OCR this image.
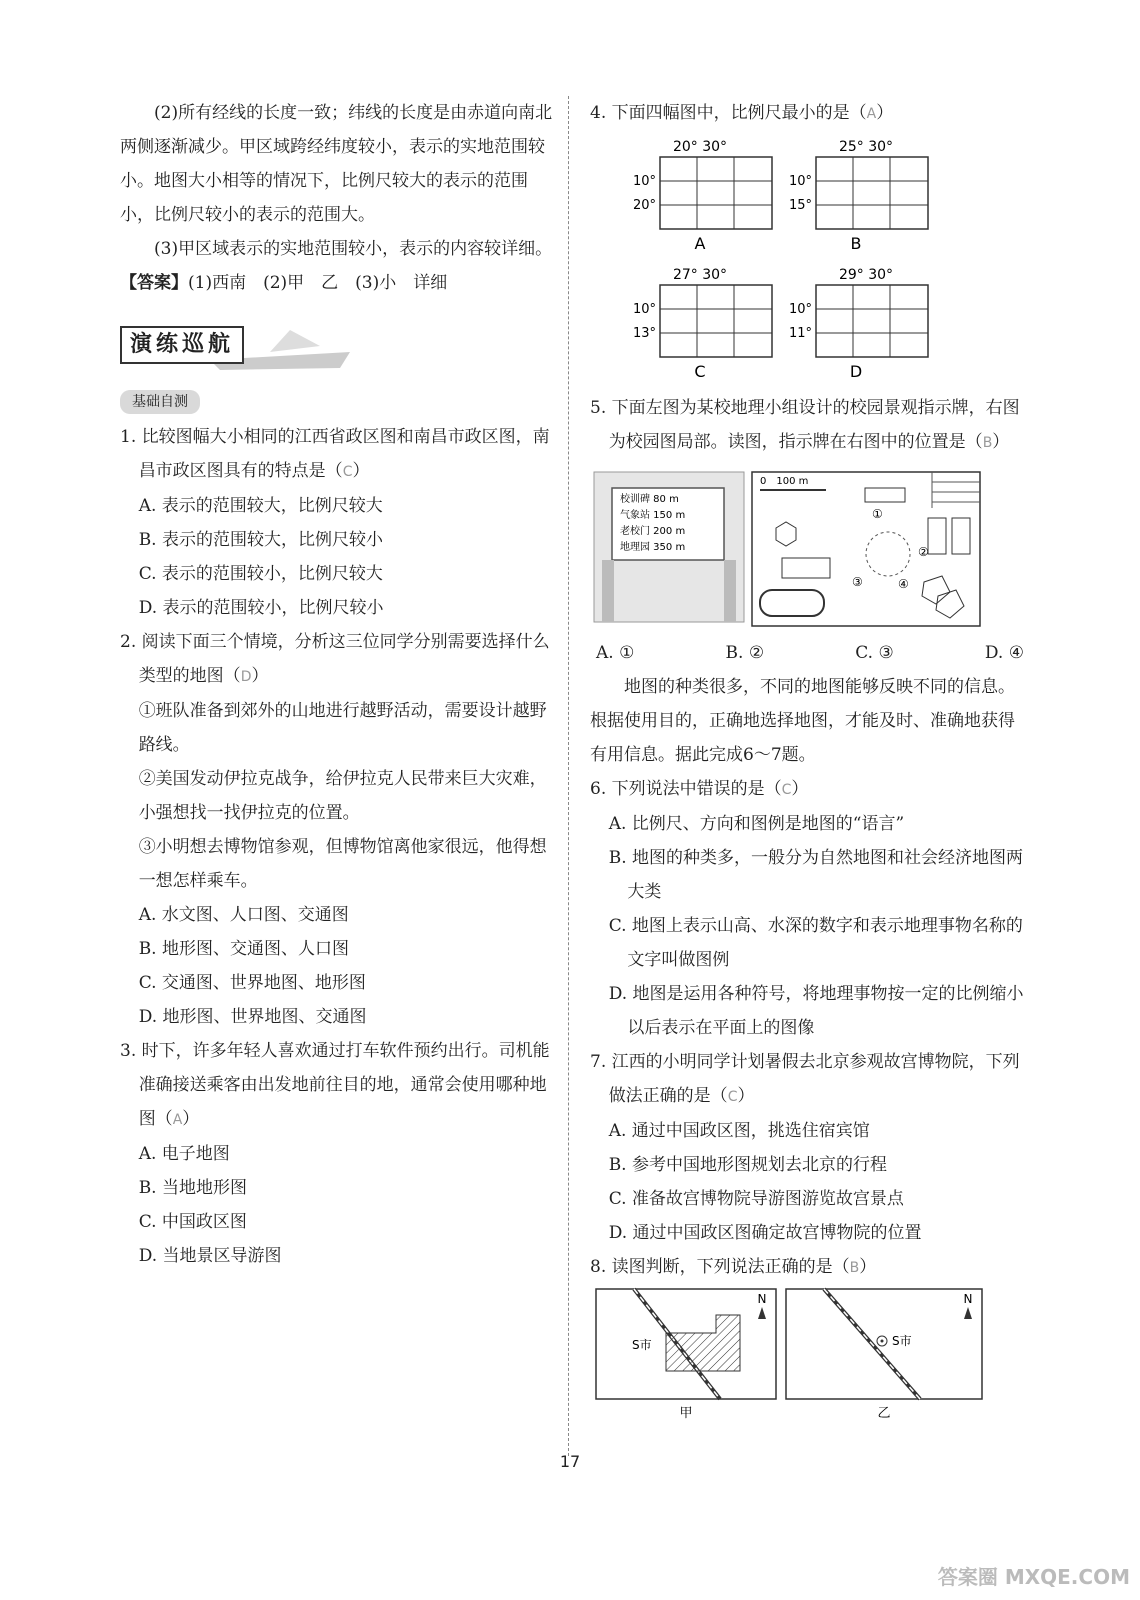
(2)所有经线的长度一致；纬线的长度是由赤道向南北两侧逐渐减少。甲区域跨经纬度较小，表示的实地范围较小。地图大小相等的情况下，比例尺较大的表示的范围小，比例尺较小的表示的范围大。

(3)甲区域表示的实地范围较小，表示的内容较详细。

【答案】(1)西南　(2)甲　乙　(3)小　详细

演练巡航
基础自测

1. 比较图幅大小相同的江西省政区图和南昌市政区图，南昌市政区图具有的特点是（C）

A. 表示的范围较大，比例尺较大

B. 表示的范围较大，比例尺较小

C. 表示的范围较小，比例尺较大

D. 表示的范围较小，比例尺较小

2. 阅读下面三个情境，分析这三位同学分别需要选择什么类型的地图（D）

①班队准备到郊外的山地进行越野活动，需要设计越野路线。

②美国发动伊拉克战争，给伊拉克人民带来巨大灾难，小强想找一找伊拉克的位置。

③小明想去博物馆参观，但博物馆离他家很远，他得想一想怎样乘车。

A. 水文图、人口图、交通图

B. 地形图、交通图、人口图

C. 交通图、世界地图、地形图

D. 地形图、世界地图、交通图

3. 时下，许多年轻人喜欢通过打车软件预约出行。司机能准确接送乘客由出发地前往目的地，通常会使用哪种地图（A）

A. 电子地图

B. 当地地形图

C. 中国政区图

D. 当地景区导游图

4. 下面四幅图中，比例尺最小的是（A）

20° 30°
10°
20°
A
25° 30°
10°
15°
B
27° 30°
10°
13°
C
29° 30°
10°
11°
D

5. 下面左图为某校地理小组设计的校园景观指示牌，右图为校园图局部。读图，指示牌在右图中的位置是（B）

校训碑 80 m
气象站 150 m
老校门 200 m
地理园 350 m
0　100 m
①
②
③	④
A. ①	B. ②	C. ③	D. ④

地图的种类很多，不同的地图能够反映不同的信息。根据使用目的，正确地选择地图，才能及时、准确地获得有用信息。据此完成6～7题。

6. 下列说法中错误的是（C）

A. 比例尺、方向和图例是地图的“语言”

B. 地图的种类多，一般分为自然地图和社会经济地图两大类

C. 地图上表示山高、水深的数字和表示地理事物名称的文字叫做图例

D. 地图是运用各种符号，将地理事物按一定的比例缩小以后表示在平面上的图像

7. 江西的小明同学计划暑假去北京参观故宫博物院，下列做法正确的是（C）

A. 通过中国政区图，挑选住宿宾馆

B. 参考中国地形图规划去北京的行程

C. 准备故宫博物院导游图游览故宫景点

D. 通过中国政区图确定故宫博物院的位置

8. 读图判断，下列说法正确的是（B）

S市
N
甲
S市
N
乙
17
答案圈 MXQE.COM
